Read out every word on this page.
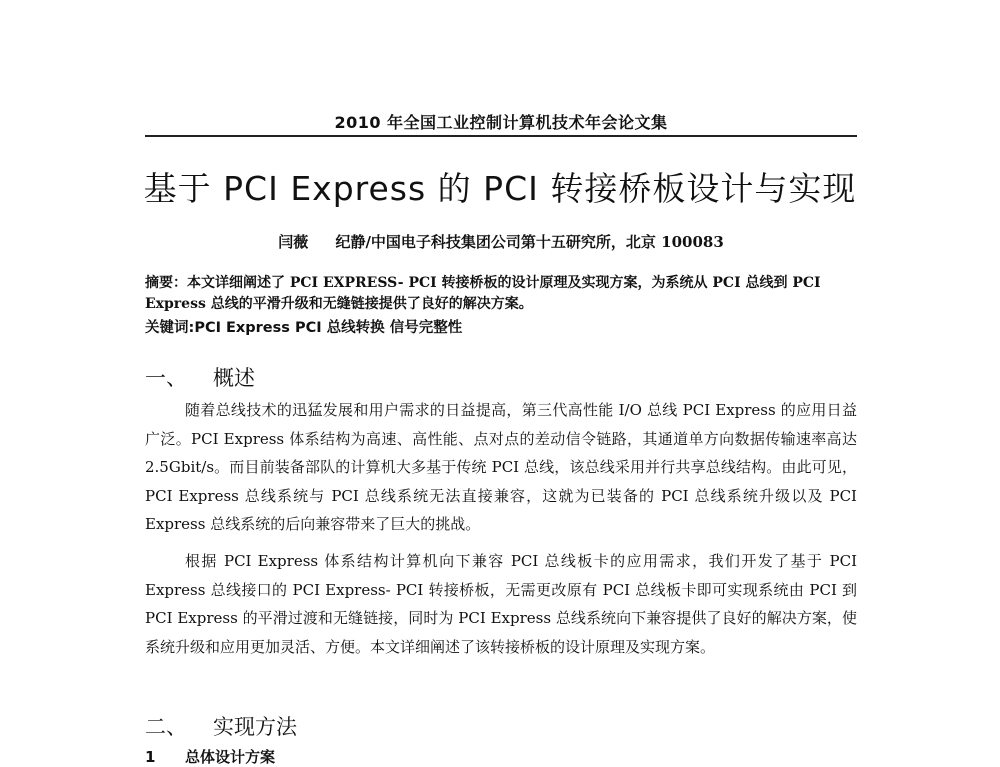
2010 年全国工业控制计算机技术年会论文集
基于 PCI Express 的 PCI 转接桥板设计与实现
闫薇 纪静/中国电子科技集团公司第十五研究所，北京 100083
摘要：本文详细阐述了 PCI EXPRESS- PCI 转接桥板的设计原理及实现方案，为系统从 PCI 总线到 PCI Express 总线的平滑升级和无缝链接提供了良好的解决方案。
关键词:PCI Express PCI 总线转换 信号完整性
一、 概述

随着总线技术的迅猛发展和用户需求的日益提高，第三代高性能 I/O 总线 PCI Express 的应用日益广泛。PCI Express 体系结构为高速、高性能、点对点的差动信令链路，其通道单方向数据传输速率高达 2.5Gbit/s。而目前装备部队的计算机大多基于传统 PCI 总线，该总线采用并行共享总线结构。由此可见，PCI Express 总线系统与 PCI 总线系统无法直接兼容，这就为已装备的 PCI 总线系统升级以及 PCI Express 总线系统的后向兼容带来了巨大的挑战。

根据 PCI Express 体系结构计算机向下兼容 PCI 总线板卡的应用需求，我们开发了基于 PCI Express 总线接口的 PCI Express- PCI 转接桥板，无需更改原有 PCI 总线板卡即可实现系统由 PCI 到 PCI Express 的平滑过渡和无缝链接，同时为 PCI Express 总线系统向下兼容提供了良好的解决方案，使系统升级和应用更加灵活、方便。本文详细阐述了该转接桥板的设计原理及实现方案。

二、 实现方法
1 总体设计方案
